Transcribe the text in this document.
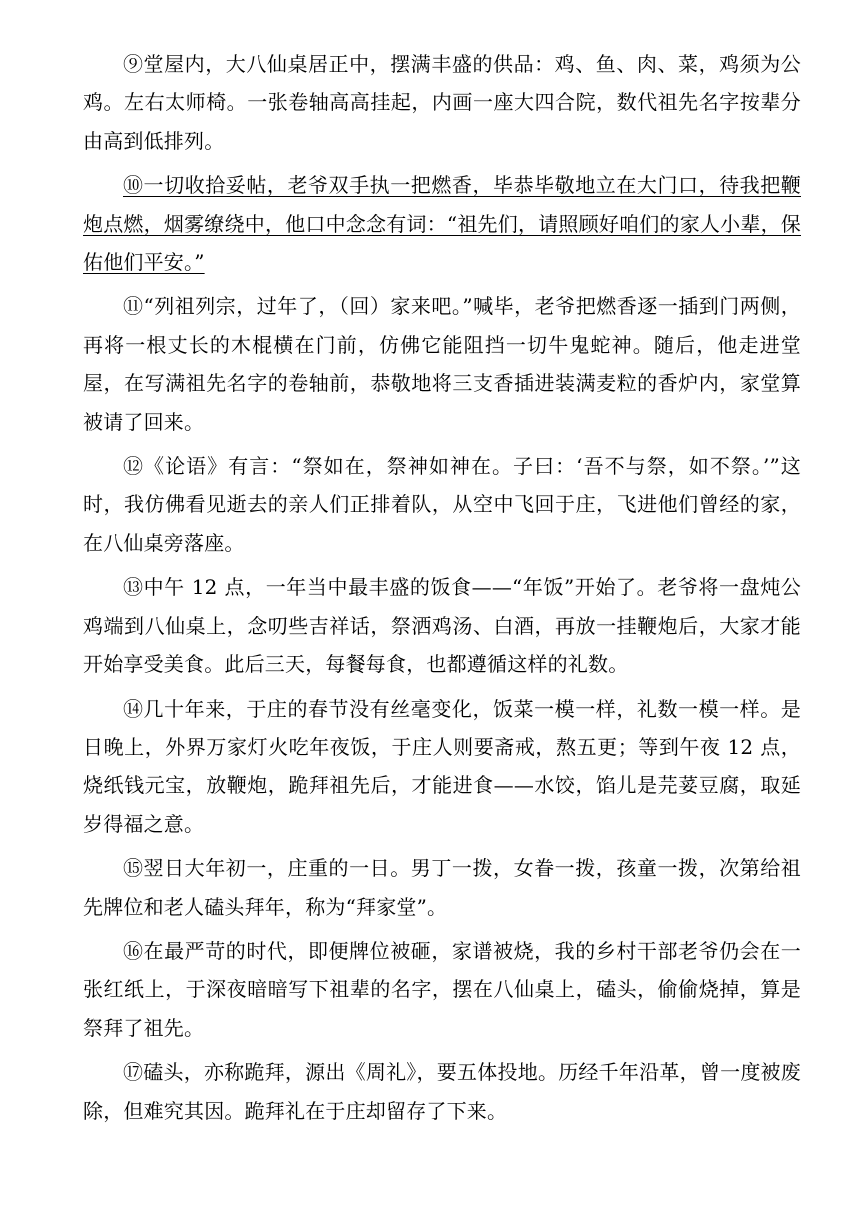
⑨堂屋内，大八仙桌居正中，摆满丰盛的供品：鸡、鱼、肉、菜，鸡须为公鸡。左右太师椅。一张卷轴高高挂起，内画一座大四合院，数代祖先名字按辈分由高到低排列。

⑩一切收拾妥帖，老爷双手执一把燃香，毕恭毕敬地立在大门口，待我把鞭炮点燃，烟雾缭绕中，他口中念念有词：“祖先们，请照顾好咱们的家人小辈，保佑他们平安。”

⑪“列祖列宗，过年了，（回）家来吧。”喊毕，老爷把燃香逐一插到门两侧，再将一根丈长的木棍横在门前，仿佛它能阻挡一切牛鬼蛇神。随后，他走进堂屋，在写满祖先名字的卷轴前，恭敬地将三支香插进装满麦粒的香炉内，家堂算被请了回来。

⑫《论语》有言：“祭如在，祭神如神在。子曰：‘吾不与祭，如不祭。’”这时，我仿佛看见逝去的亲人们正排着队，从空中飞回于庄，飞进他们曾经的家，在八仙桌旁落座。

⑬中午 12 点，一年当中最丰盛的饭食——“年饭”开始了。老爷将一盘炖公鸡端到八仙桌上，念叨些吉祥话，祭洒鸡汤、白酒，再放一挂鞭炮后，大家才能开始享受美食。此后三天，每餐每食，也都遵循这样的礼数。

⑭几十年来，于庄的春节没有丝毫变化，饭菜一模一样，礼数一模一样。是日晚上，外界万家灯火吃年夜饭，于庄人则要斋戒，熬五更；等到午夜 12 点，烧纸钱元宝，放鞭炮，跪拜祖先后，才能进食——水饺，馅儿是芫荽豆腐，取延岁得福之意。

⑮翌日大年初一，庄重的一日。男丁一拨，女眷一拨，孩童一拨，次第给祖先牌位和老人磕头拜年，称为“拜家堂”。

⑯在最严苛的时代，即便牌位被砸，家谱被烧，我的乡村干部老爷仍会在一张红纸上，于深夜暗暗写下祖辈的名字，摆在八仙桌上，磕头，偷偷烧掉，算是祭拜了祖先。

⑰磕头，亦称跪拜，源出《周礼》，要五体投地。历经千年沿革，曾一度被废除，但难究其因。跪拜礼在于庄却留存了下来。
